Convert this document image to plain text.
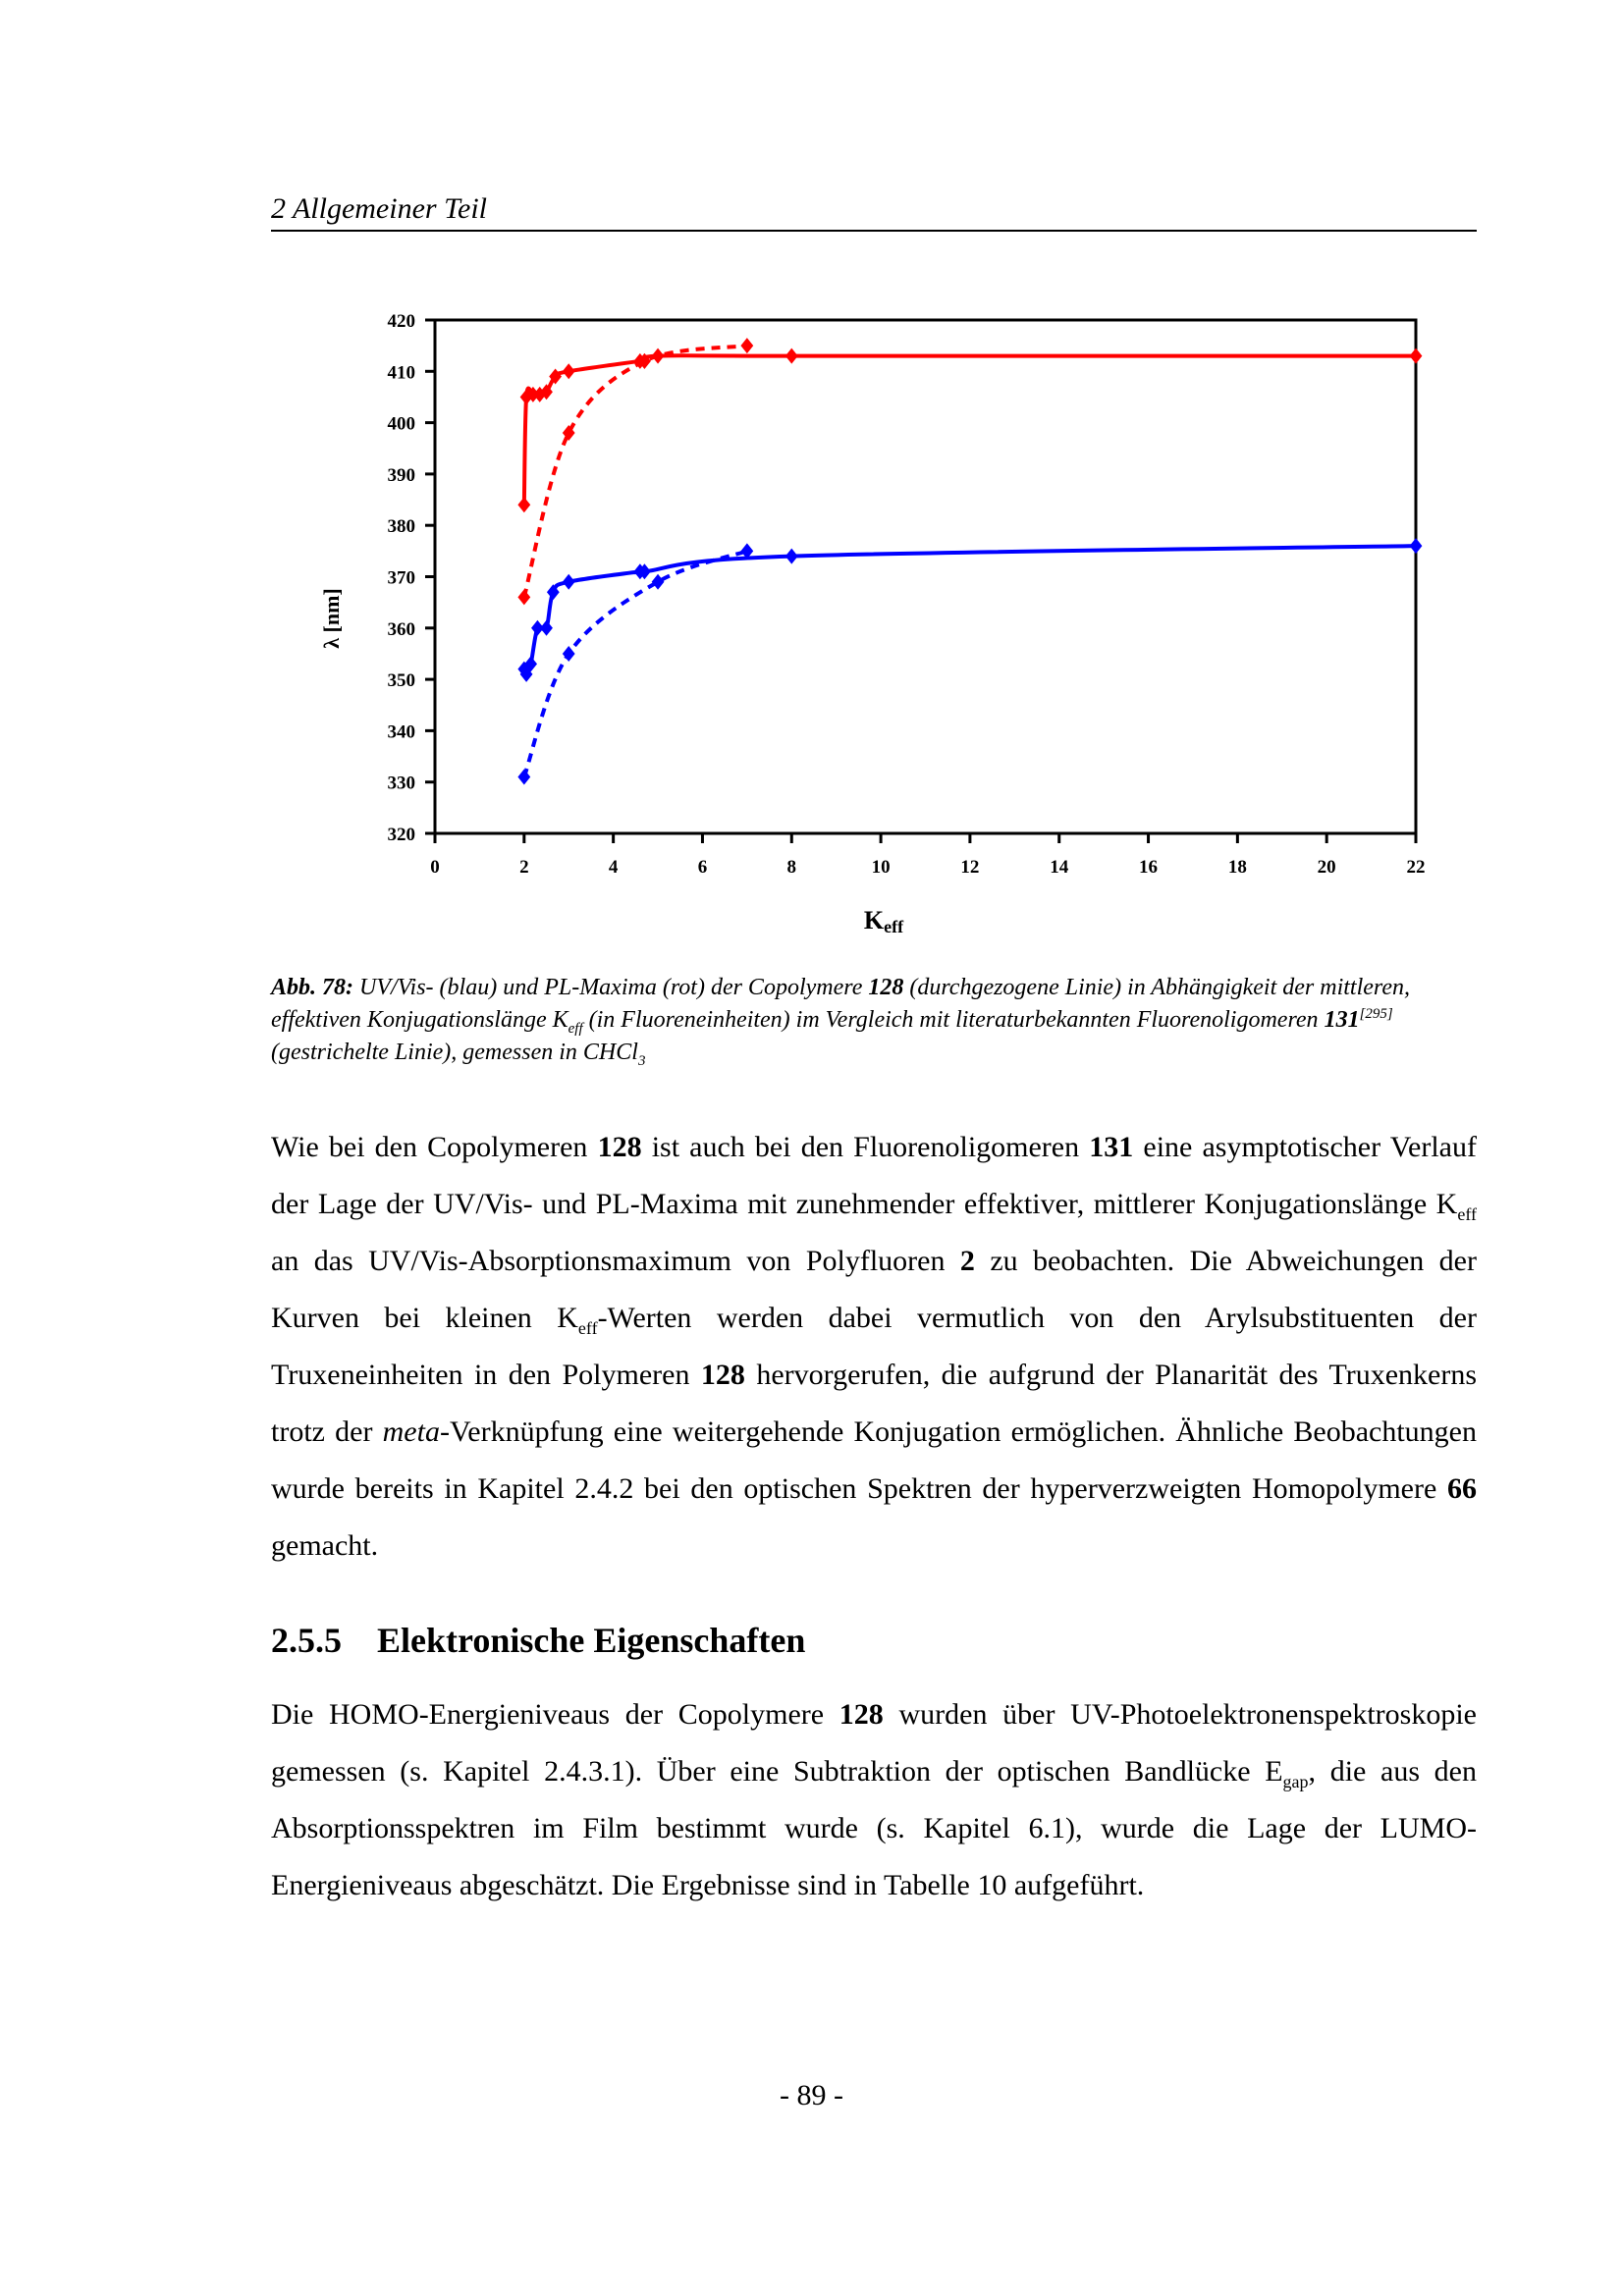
2 Allgemeiner Teil
320
330
340
350
360
370
380
390
400
410
420
0	2	4	6	8	10	12	14	16	18	20	22
λ [nm]
Keff
Abb. 78: UV/Vis- (blau) und PL-Maxima (rot) der Copolymere 128 (durchgezogene Linie) in Abhängigkeit der mittleren, effektiven Konjugationslänge $K_{eff}$ (in Fluoreneinheiten) im Vergleich mit literaturbekannten Fluorenoligomeren 131[295] (gestrichelte Linie), gemessen in CHCl$_3$

Wie bei den Copolymeren 128 ist auch bei den Fluorenoligomeren 131 eine asymptotischer Verlauf der Lage der UV/Vis- und PL-Maxima mit zunehmender effektiver, mittlerer Konjugationslänge $K_{eff}$ an das UV/Vis-Absorptionsmaximum von Polyfluoren 2 zu beobachten. Die Abweichungen der Kurven bei kleinen $K_{eff}$-Werten werden dabei vermutlich von den Arylsubstituenten der Truxeneinheiten in den Polymeren 128 hervorgerufen, die aufgrund der Planarität des Truxenkerns trotz der meta-Verknüpfung eine weitergehende Konjugation ermöglichen. Ähnliche Beobachtungen wurde bereits in Kapitel 2.4.2 bei den optischen Spektren der hyperverzweigten Homopolymere 66 gemacht.

2.5.5 Elektronische Eigenschaften

Die HOMO-Energieniveaus der Copolymere 128 wurden über UV-Photoelektronenspektroskopie gemessen (s. Kapitel 2.4.3.1). Über eine Subtraktion der optischen Bandlücke $E_{gap}$, die aus den Absorptionsspektren im Film bestimmt wurde (s. Kapitel 6.1), wurde die Lage der LUMO-Energieniveaus abgeschätzt. Die Ergebnisse sind in Tabelle 10 aufgeführt.

- 89 -
